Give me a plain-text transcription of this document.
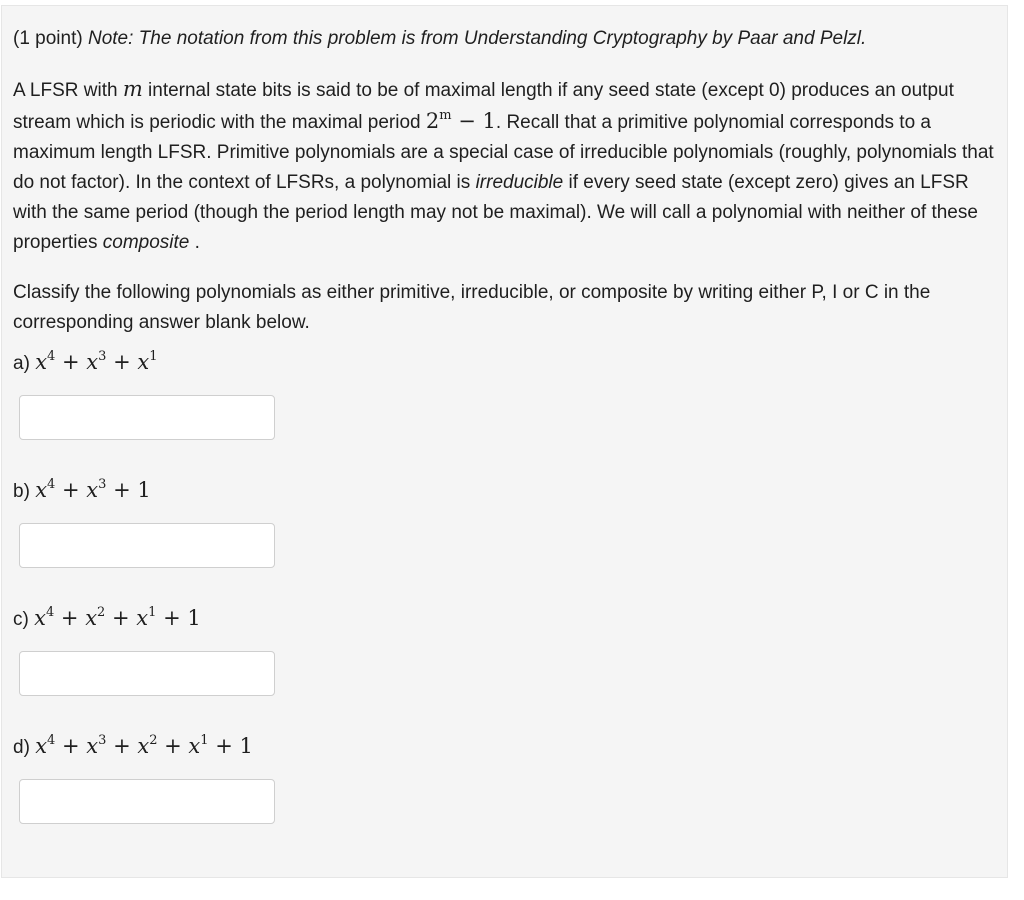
(1 point) Note: The notation from this problem is from Understanding Cryptography by Paar and Pelzl.

A LFSR with m internal state bits is said to be of maximal length if any seed state (except 0) produces an output stream which is periodic with the maximal period $2^m - 1$. Recall that a primitive polynomial corresponds to a maximum length LFSR. Primitive polynomials are a special case of irreducible polynomials (roughly, polynomials that do not factor). In the context of LFSRs, a polynomial is irreducible if every seed state (except zero) gives an LFSR with the same period (though the period length may not be maximal). We will call a polynomial with neither of these properties composite .

Classify the following polynomials as either primitive, irreducible, or composite by writing either P, I or C in the corresponding answer blank below.

a) $x^4 + x^3 + x^1$
b) $x^4 + x^3 + 1$
c) $x^4 + x^2 + x^1 + 1$
d) $x^4 + x^3 + x^2 + x^1 + 1$
